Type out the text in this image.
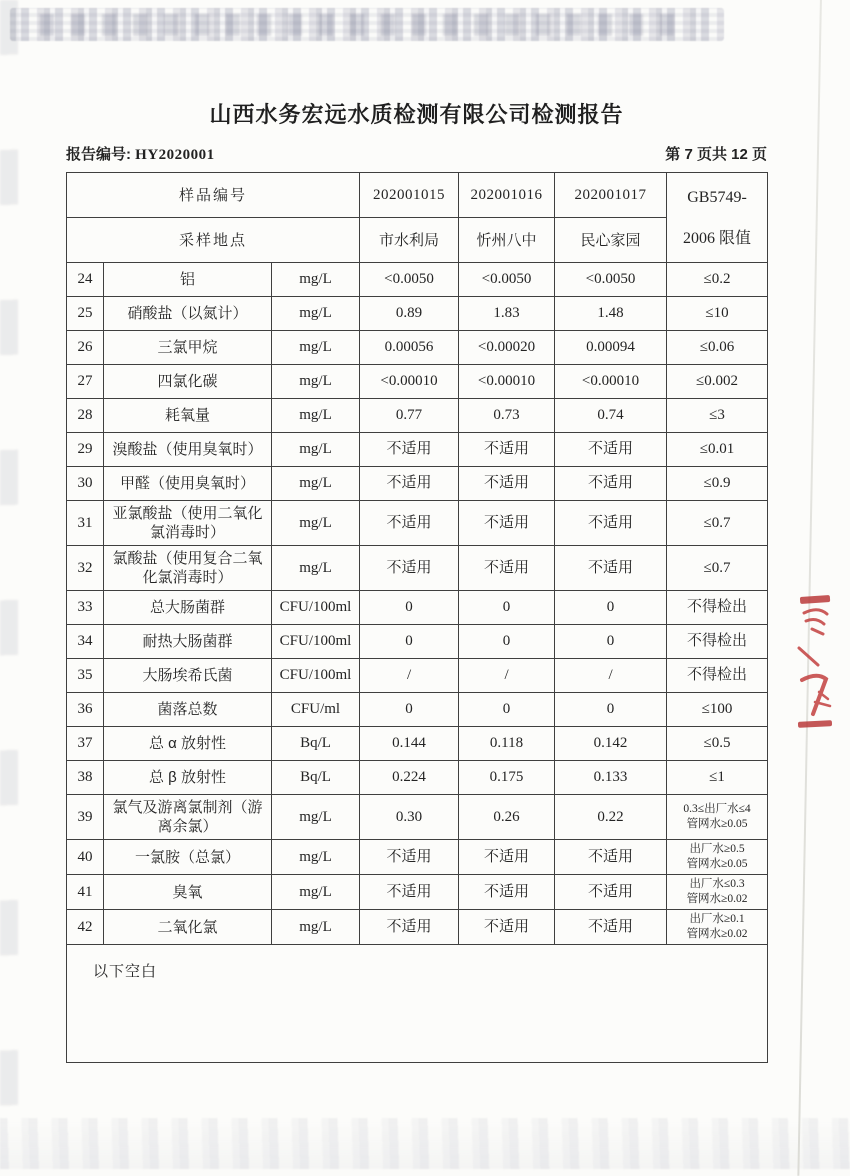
山西水务宏远水质检测有限公司检测报告
报告编号: HY2020001	第 7 页共 12 页
样品编号			202001015	202001016	202001017	GB5749-
2006 限值

采样地点			市水利局	忻州八中	民心家园	
24	铝	mg/L	<0.0050	<0.0050	<0.0050	≤0.2

25	硝酸盐（以氮计）	mg/L	0.89	1.83	1.48	≤10

26	三氯甲烷	mg/L	0.00056	<0.00020	0.00094	≤0.06

27	四氯化碳	mg/L	<0.00010	<0.00010	<0.00010	≤0.002

28	耗氧量	mg/L	0.77	0.73	0.74	≤3

29	溴酸盐（使用臭氧时）	mg/L	不适用	不适用	不适用	≤0.01

30	甲醛（使用臭氧时）	mg/L	不适用	不适用	不适用	≤0.9

31	亚氯酸盐（使用二氧化氯消毒时）	mg/L	不适用	不适用	不适用	≤0.7

32	氯酸盐（使用复合二氧化氯消毒时）	mg/L	不适用	不适用	不适用	≤0.7

33	总大肠菌群	CFU/100ml	0	0	0	不得检出

34	耐热大肠菌群	CFU/100ml	0	0	0	不得检出

35	大肠埃希氏菌	CFU/100ml	/	/	/	不得检出

36	菌落总数	CFU/ml	0	0	0	≤100

37	总 α 放射性	Bq/L	0.144	0.118	0.142	≤0.5

38	总 β 放射性	Bq/L	0.224	0.175	0.133	≤1

39	氯气及游离氯制剂（游离余氯）	mg/L	0.30	0.26	0.22	0.3≤出厂水≤4
管网水≥0.05

40	一氯胺（总氯）	mg/L	不适用	不适用	不适用	出厂水≥0.5
管网水≥0.05

41	臭氧	mg/L	不适用	不适用	不适用	出厂水≤0.3
管网水≥0.02

42	二氧化氯	mg/L	不适用	不适用	不适用	出厂水≥0.1
管网水≥0.02

以下空白						
